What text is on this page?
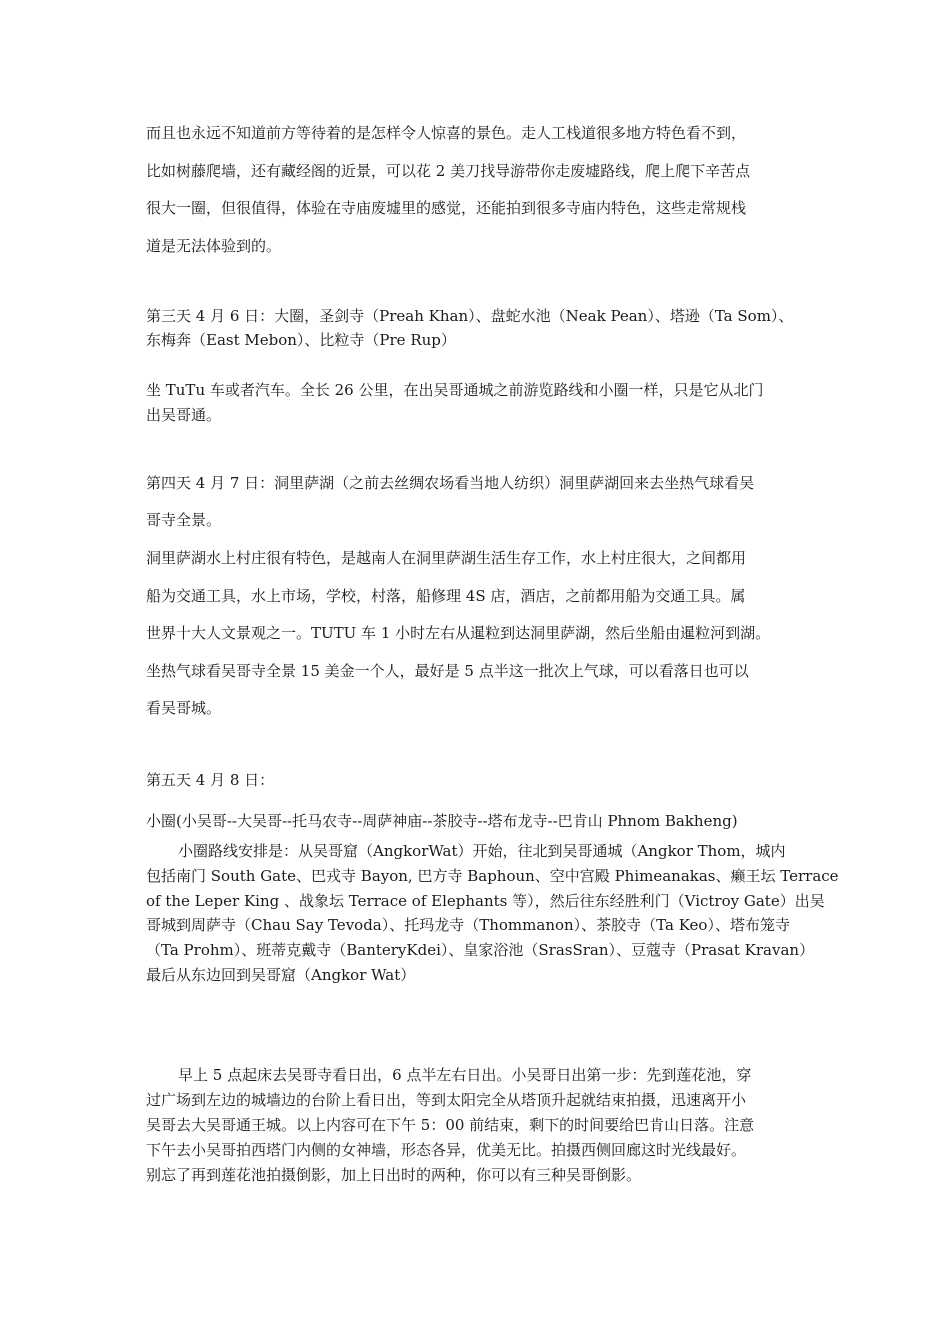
而且也永远不知道前方等待着的是怎样令人惊喜的景色。走人工栈道很多地方特色看不到，

比如树藤爬墙，还有藏经阁的近景，可以花 2 美刀找导游带你走废墟路线，爬上爬下辛苦点

很大一圈，但很值得，体验在寺庙废墟里的感觉，还能拍到很多寺庙内特色，这些走常规栈

道是无法体验到的。

第三天 4 月 6 日：大圈，圣剑寺（Preah Khan）、盘蛇水池（Neak Pean）、塔逊（Ta Som）、

东梅奔（East Mebon）、比粒寺（Pre Rup）

坐 TuTu 车或者汽车。全长 26 公里，在出吴哥通城之前游览路线和小圈一样，只是它从北门

出吴哥通。

第四天 4 月 7 日：洞里萨湖（之前去丝绸农场看当地人纺织）洞里萨湖回来去坐热气球看吴

哥寺全景。

洞里萨湖水上村庄很有特色，是越南人在洞里萨湖生活生存工作，水上村庄很大，之间都用

船为交通工具，水上市场，学校，村落，船修理 4S 店，酒店，之前都用船为交通工具。属

世界十大人文景观之一。TUTU 车 1 小时左右从暹粒到达洞里萨湖，然后坐船由暹粒河到湖。

坐热气球看吴哥寺全景 15 美金一个人，最好是 5 点半这一批次上气球，可以看落日也可以

看吴哥城。

第五天 4 月 8 日：

小圈(小吴哥--大吴哥--托马农寺--周萨神庙--茶胶寺--塔布龙寺--巴肯山 Phnom Bakheng)

小圈路线安排是：从吴哥窟（AngkorWat）开始，往北到吴哥通城（Angkor Thom，城内

包括南门 South Gate、巴戎寺 Bayon, 巴方寺 Baphoun、空中宫殿 Phimeanakas、癞王坛 Terrace

of the Leper King 、战象坛 Terrace of Elephants 等），然后往东经胜利门（Victroy Gate）出吴

哥城到周萨寺（Chau Say Tevoda）、托玛龙寺（Thommanon）、茶胶寺（Ta Keo）、塔布笼寺

（Ta Prohm）、班蒂克戴寺（BanteryKdei）、皇家浴池（SrasSran）、豆蔻寺（Prasat Kravan）

最后从东边回到吴哥窟（Angkor Wat）

早上 5 点起床去吴哥寺看日出，6 点半左右日出。小吴哥日出第一步：先到莲花池，穿

过广场到左边的城墙边的台阶上看日出，等到太阳完全从塔顶升起就结束拍摄，迅速离开小

吴哥去大吴哥通王城。以上内容可在下午 5：00 前结束，剩下的时间要给巴肯山日落。注意

下午去小吴哥拍西塔门内侧的女神墙，形态各异，优美无比。拍摄西侧回廊这时光线最好。

别忘了再到莲花池拍摄倒影，加上日出时的两种，你可以有三种吴哥倒影。
